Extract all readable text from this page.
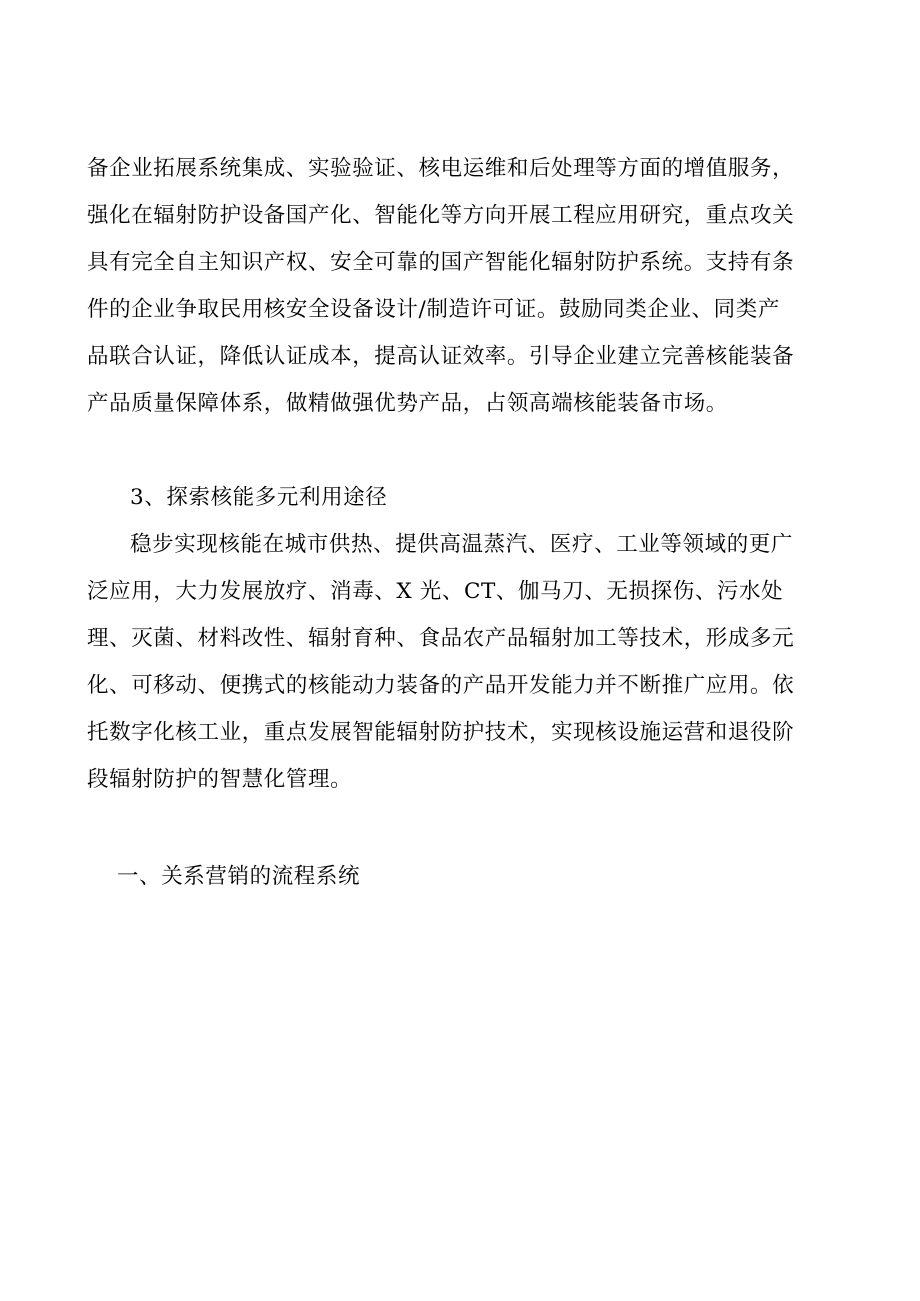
备企业拓展系统集成、实验验证、核电运维和后处理等方面的增值服务，
强化在辐射防护设备国产化、智能化等方向开展工程应用研究，重点攻关
具有完全自主知识产权、安全可靠的国产智能化辐射防护系统。支持有条
件的企业争取民用核安全设备设计/制造许可证。鼓励同类企业、同类产
品联合认证，降低认证成本，提高认证效率。引导企业建立完善核能装备
产品质量保障体系，做精做强优势产品，占领高端核能装备市场。
3、探索核能多元利用途径
稳步实现核能在城市供热、提供高温蒸汽、医疗、工业等领域的更广
泛应用，大力发展放疗、消毒、X 光、CT、伽马刀、无损探伤、污水处
理、灭菌、材料改性、辐射育种、食品农产品辐射加工等技术，形成多元
化、可移动、便携式的核能动力装备的产品开发能力并不断推广应用。依
托数字化核工业，重点发展智能辐射防护技术，实现核设施运营和退役阶
段辐射防护的智慧化管理。
一、关系营销的流程系统
